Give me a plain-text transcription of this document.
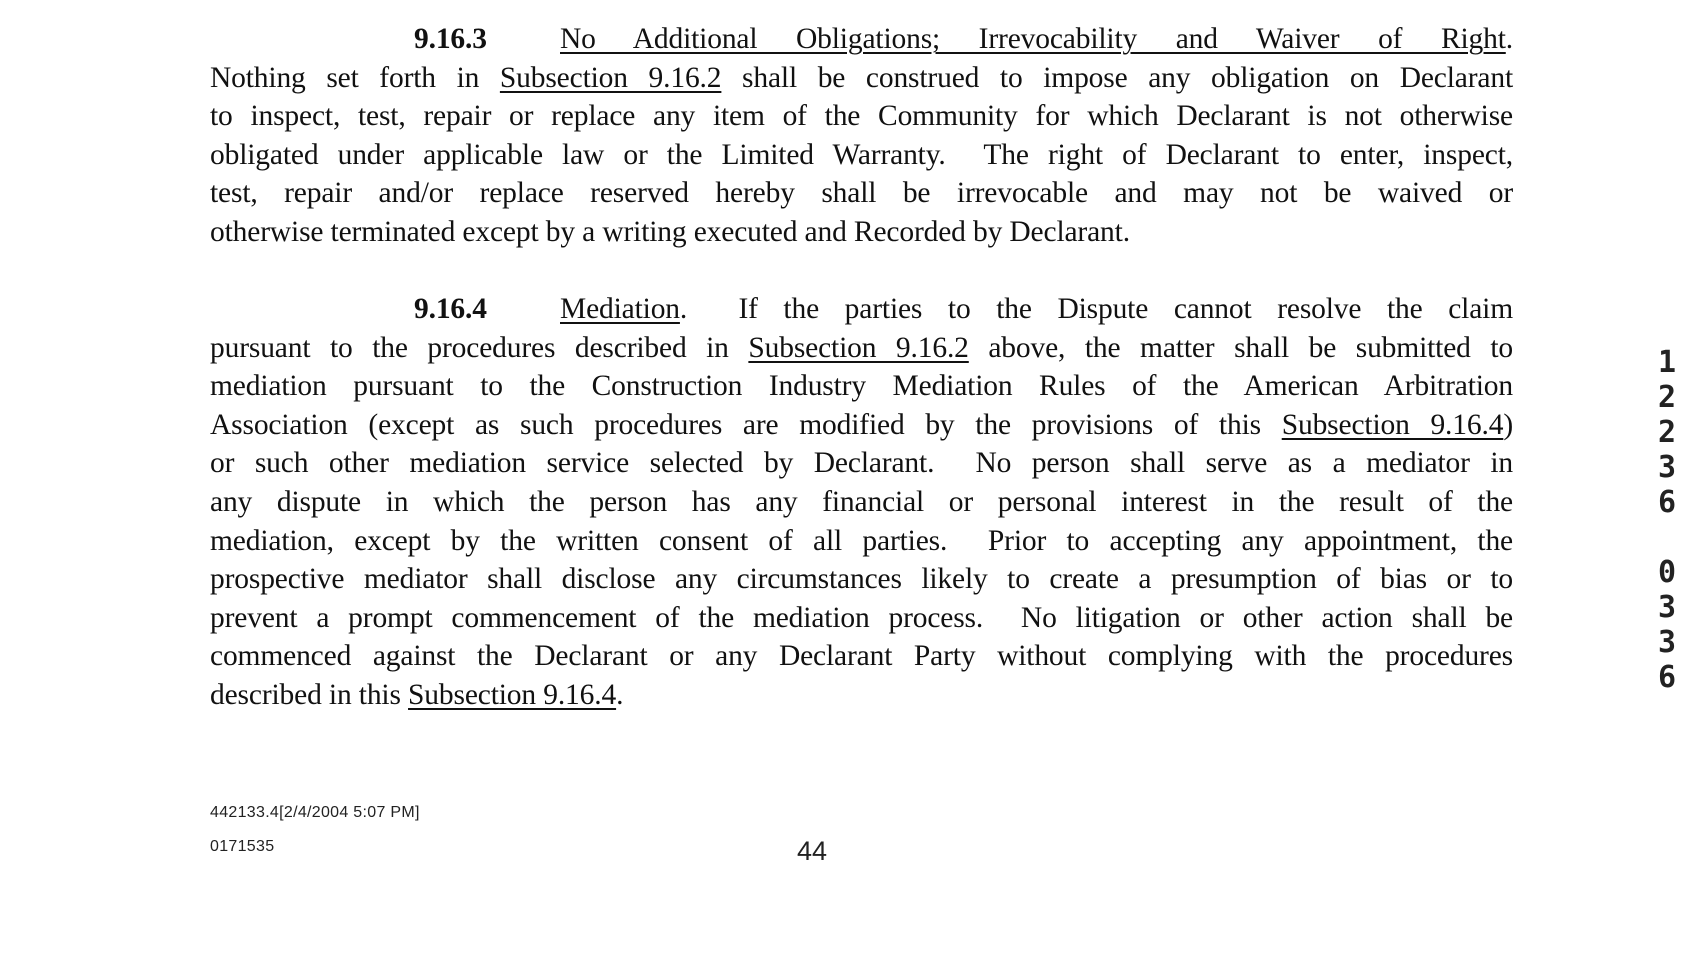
9.16.3 No Additional Obligations; Irrevocability and Waiver of Right.
Nothing set forth in Subsection 9.16.2 shall be construed to impose any obligation on Declarant
to inspect, test, repair or replace any item of the Community for which Declarant is not otherwise
obligated under applicable law or the Limited Warranty.  The right of Declarant to enter, inspect,
test, repair and/or replace reserved hereby shall be irrevocable and may not be waived or
otherwise terminated except by a writing executed and Recorded by Declarant.
9.16.4 Mediation.  If the parties to the Dispute cannot resolve the claim
pursuant to the procedures described in Subsection 9.16.2 above, the matter shall be submitted to
mediation pursuant to the Construction Industry Mediation Rules of the American Arbitration
Association (except as such procedures are modified by the provisions of this Subsection 9.16.4)
or such other mediation service selected by Declarant.  No person shall serve as a mediator in
any dispute in which the person has any financial or personal interest in the result of the
mediation, except by the written consent of all parties.  Prior to accepting any appointment, the
prospective mediator shall disclose any circumstances likely to create a presumption of bias or to
prevent a prompt commencement of the mediation process.  No litigation or other action shall be
commenced against the Declarant or any Declarant Party without complying with the procedures
described in this Subsection 9.16.4.
442133.4[2/4/2004 5:07 PM]
0171535	44
1
2
2
3
6
0
3
3
6
